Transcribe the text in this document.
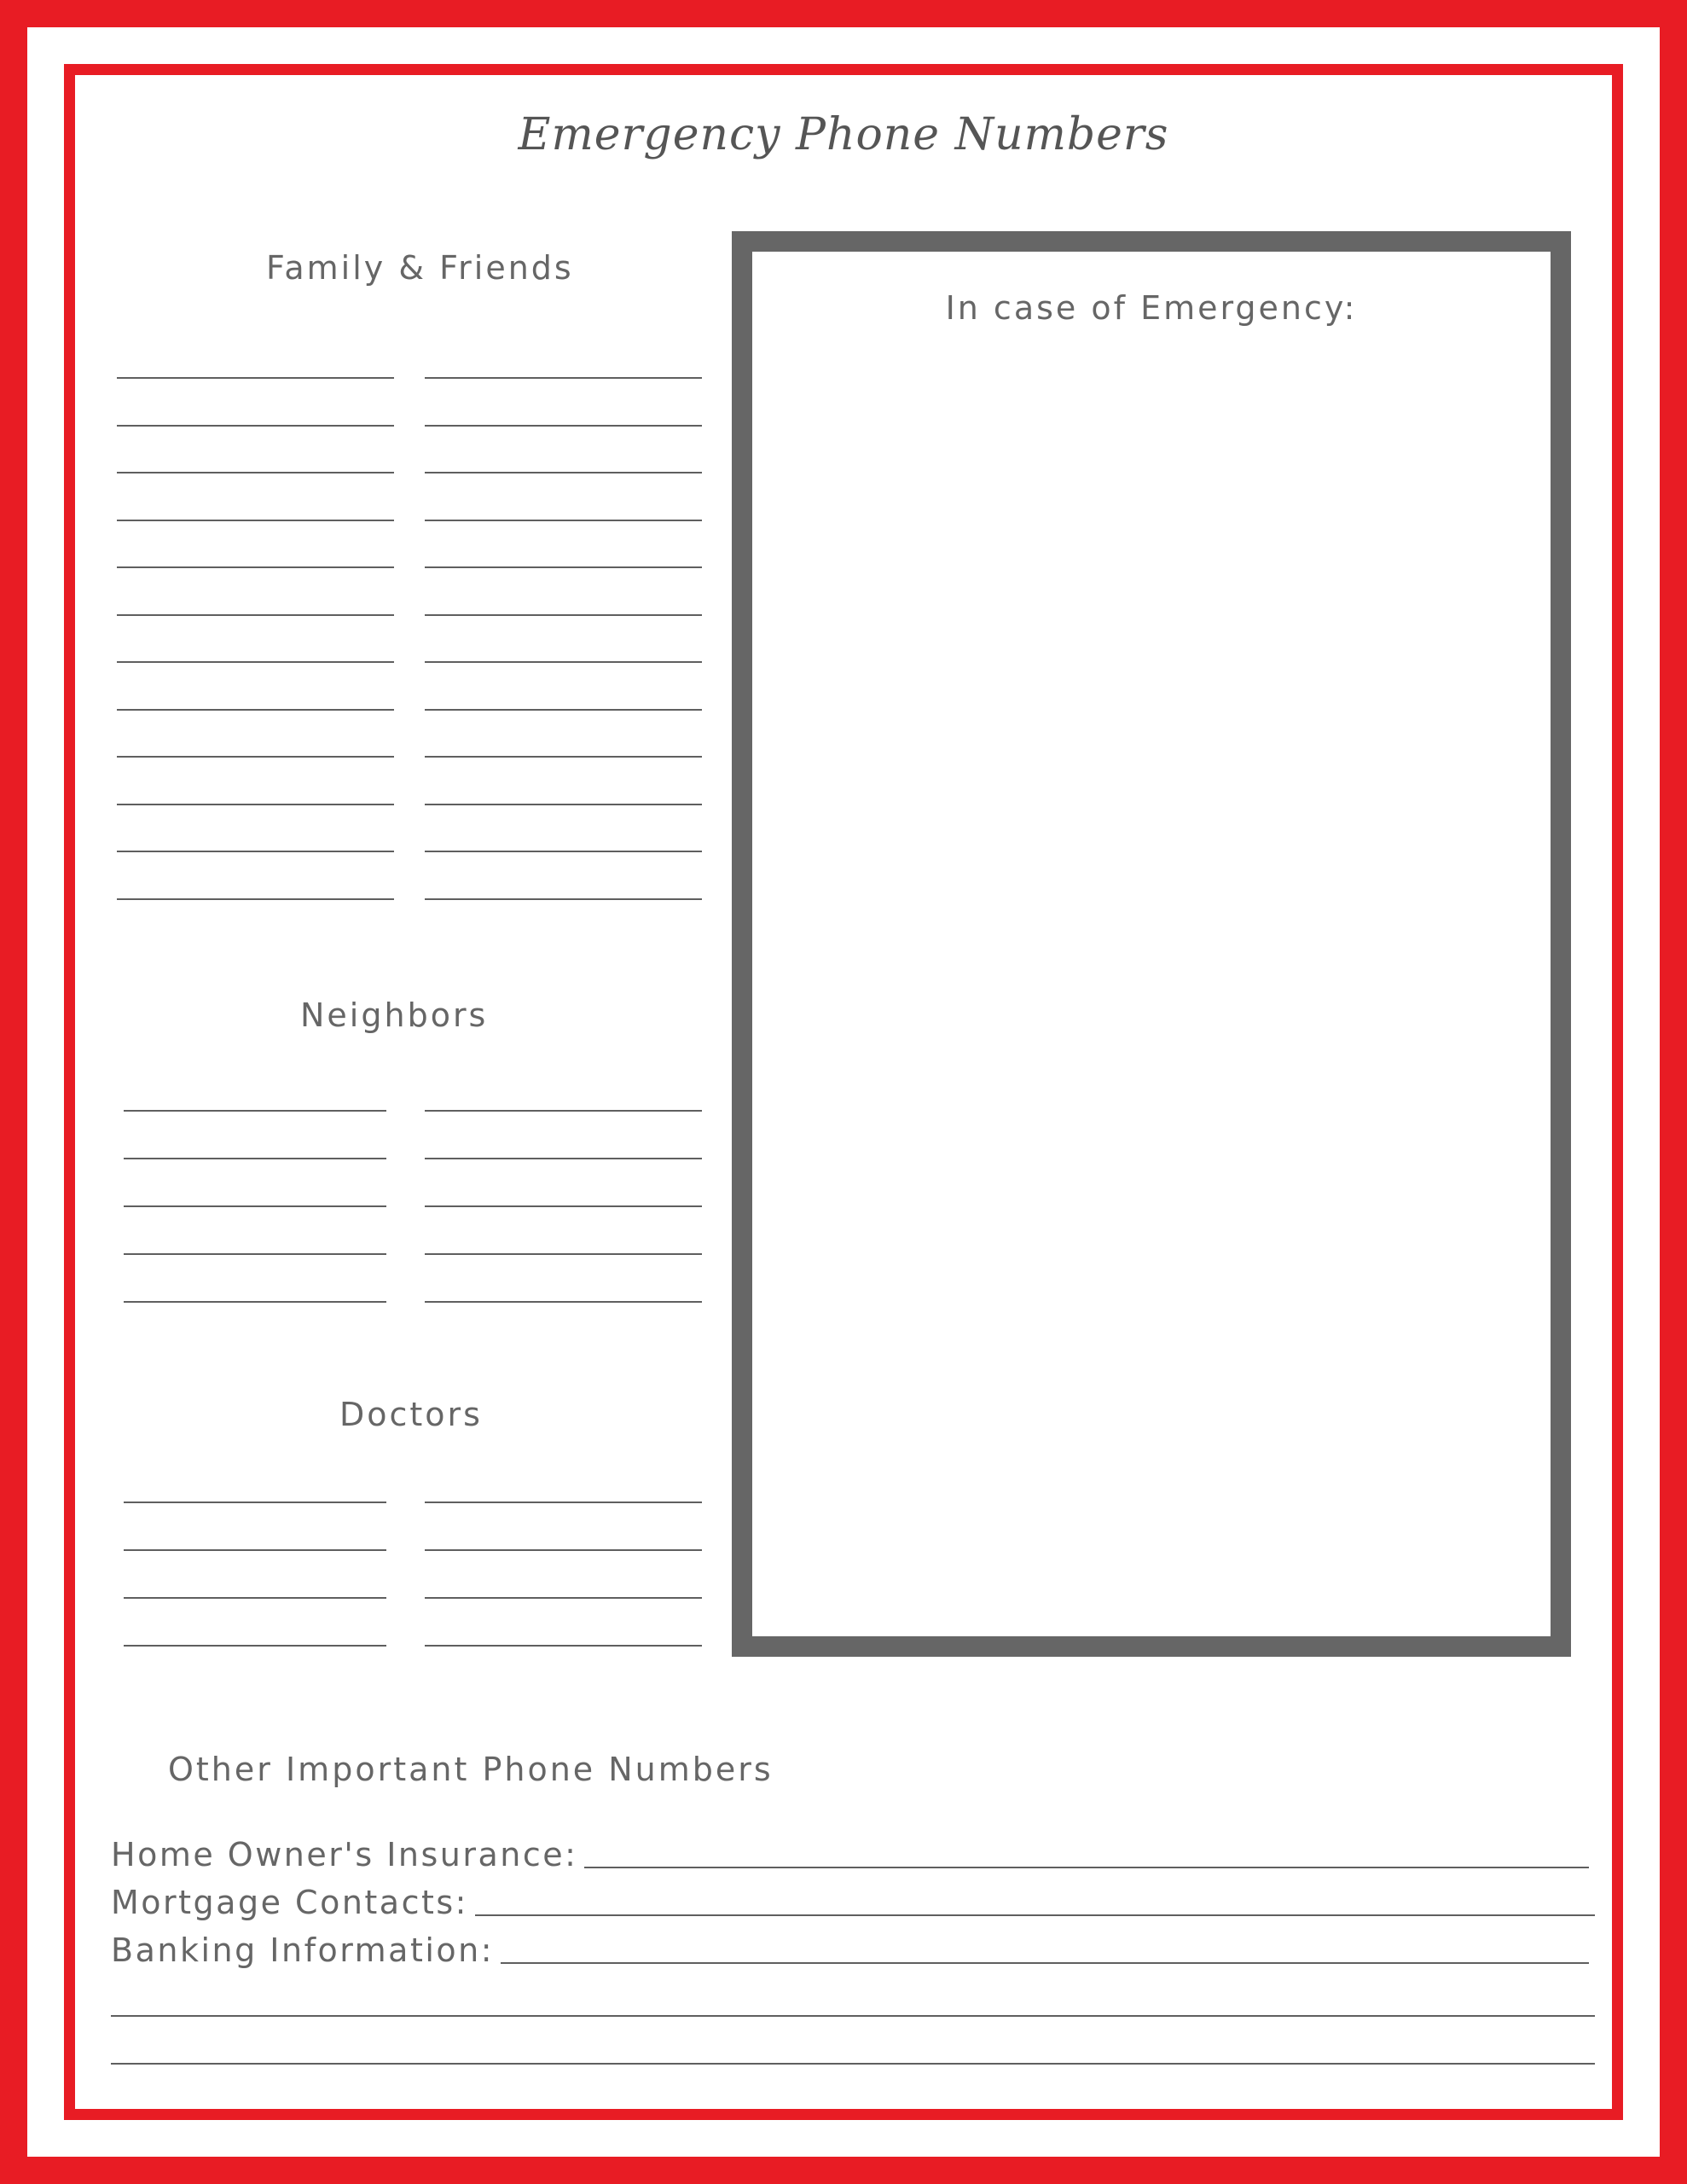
Emergency Phone Numbers
Family & Friends
Neighbors
Doctors
In case of Emergency:
Other Important Phone Numbers
Home Owner's Insurance:
Mortgage Contacts:
Banking Information:
